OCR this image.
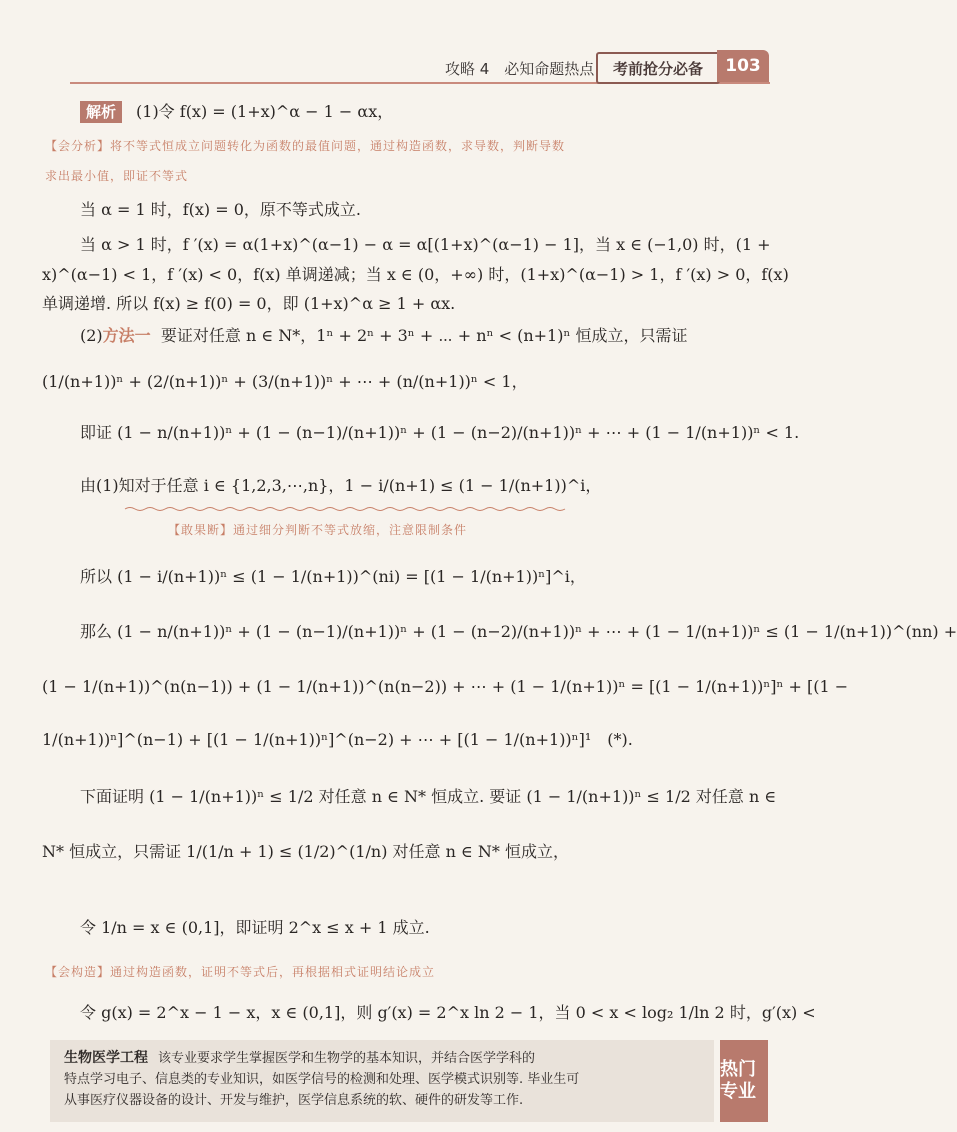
攻略 4　必知命题热点	考前抢分必备	103
解析 (1)令 f(x) = (1+x)^α − 1 − αx，
【会分析】将不等式恒成立问题转化为函数的最值问题，通过构造函数，求导数，判断导数
求出最小值，即证不等式
当 α = 1 时，f(x) = 0，原不等式成立.
当 α > 1 时，f ′(x) = α(1+x)^(α−1) − α = α[(1+x)^(α−1) − 1]，当 x ∈ (−1,0) 时，(1 +
x)^(α−1) < 1，f ′(x) < 0，f(x) 单调递减；当 x ∈ (0，+∞) 时，(1+x)^(α−1) > 1，f ′(x) > 0，f(x)
单调递增. 所以 f(x) ≥ f(0) = 0，即 (1+x)^α ≥ 1 + αx.
(2)方法一 要证对任意 n ∈ N*，1ⁿ + 2ⁿ + 3ⁿ + ⋯ + nⁿ < (n+1)ⁿ 恒成立，只需证
(1/(n+1))ⁿ + (2/(n+1))ⁿ + (3/(n+1))ⁿ + ⋯ + (n/(n+1))ⁿ < 1，
即证 (1 − n/(n+1))ⁿ + (1 − (n−1)/(n+1))ⁿ + (1 − (n−2)/(n+1))ⁿ + ⋯ + (1 − 1/(n+1))ⁿ < 1.
由(1)知对于任意 i ∈ {1,2,3,⋯,n}，1 − i/(n+1) ≤ (1 − 1/(n+1))^i，
【敢果断】通过细分判断不等式放缩，注意限制条件
所以 (1 − i/(n+1))ⁿ ≤ (1 − 1/(n+1))^(ni) = [(1 − 1/(n+1))ⁿ]^i，
那么 (1 − n/(n+1))ⁿ + (1 − (n−1)/(n+1))ⁿ + (1 − (n−2)/(n+1))ⁿ + ⋯ + (1 − 1/(n+1))ⁿ ≤ (1 − 1/(n+1))^(nn) +
(1 − 1/(n+1))^(n(n−1)) + (1 − 1/(n+1))^(n(n−2)) + ⋯ + (1 − 1/(n+1))ⁿ = [(1 − 1/(n+1))ⁿ]ⁿ + [(1 −
1/(n+1))ⁿ]^(n−1) + [(1 − 1/(n+1))ⁿ]^(n−2) + ⋯ + [(1 − 1/(n+1))ⁿ]¹　(*).
下面证明 (1 − 1/(n+1))ⁿ ≤ 1/2 对任意 n ∈ N* 恒成立. 要证 (1 − 1/(n+1))ⁿ ≤ 1/2 对任意 n ∈
N* 恒成立，只需证 1/(1/n + 1) ≤ (1/2)^(1/n) 对任意 n ∈ N* 恒成立，
令 1/n = x ∈ (0,1]，即证明 2^x ≤ x + 1 成立.
【会构造】通过构造函数，证明不等式后，再根据相式证明结论成立
令 g(x) = 2^x − 1 − x，x ∈ (0,1]，则 g′(x) = 2^x ln 2 − 1，当 0 < x < log₂ 1/ln 2 时，g′(x) <
生物医学工程 该专业要求学生掌握医学和生物学的基本知识，并结合医学学科的
特点学习电子、信息类的专业知识，如医学信号的检测和处理、医学模式识别等. 毕业生可
从事医疗仪器设备的设计、开发与维护，医学信息系统的软、硬件的研发等工作.
热门专业
